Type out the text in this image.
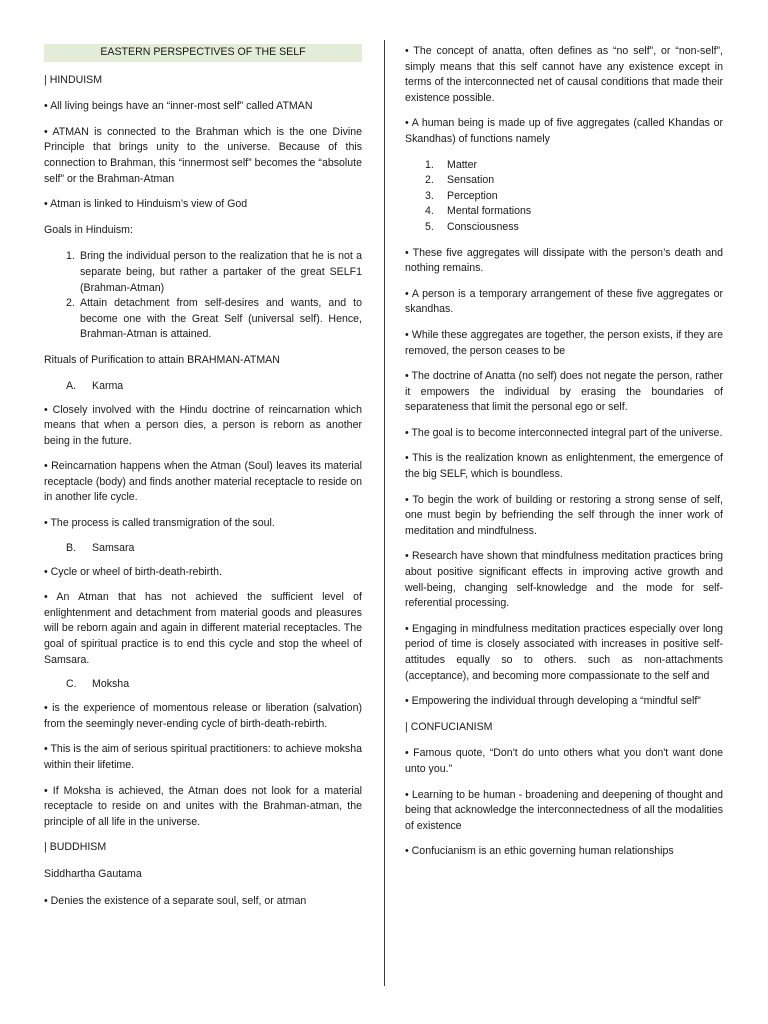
EASTERN PERSPECTIVES OF THE SELF
| HINDUISM

• All living beings have an “inner-most self” called ATMAN

• ATMAN is connected to the Brahman which is the one Divine Principle that brings unity to the universe. Because of this connection to Brahman, this “innermost self” becomes the “absolute self” or the Brahman-Atman

• Atman is linked to Hinduism’s view of God

Goals in Hinduism:
1. Bring the individual person to the realization that he is not a separate being, but rather a partaker of the great SELF1 (Brahman-Atman)
2. Attain detachment from self-desires and wants, and to become one with the Great Self (universal self). Hence, Brahman-Atman is attained.
Rituals of Purification to attain BRAHMAN-ATMAN
A.	Karma

• Closely involved with the Hindu doctrine of reincarnation which means that when a person dies, a person is reborn as another being in the future.

• Reincarnation happens when the Atman (Soul) leaves its material receptacle (body) and finds another material receptacle to reside on in another life cycle.

• The process is called transmigration of the soul.

B.	Samsara

• Cycle or wheel of birth-death-rebirth.

• An Atman that has not achieved the sufficient level of enlightenment and detachment from material goods and pleasures will be reborn again and again in different material receptacles. The goal of spiritual practice is to end this cycle and stop the wheel of Samsara.

C.	Moksha

• is the experience of momentous release or liberation (salvation) from the seemingly never-ending cycle of birth-death-rebirth.

• This is the aim of serious spiritual practitioners: to achieve moksha within their lifetime.

• If Moksha is achieved, the Atman does not look for a material receptacle to reside on and unites with the Brahman-atman, the principle of all life in the universe.

| BUDDHISM
Siddhartha Gautama

• Denies the existence of a separate soul, self, or atman

• The concept of anatta, often defines as “no self”, or “non-self”, simply means that this self cannot have any existence except in terms of the interconnected net of causal conditions that made their existence possible.

• A human being is made up of five aggregates (called Khandas or Skandhas) of functions namely

1.	Matter
2.	Sensation
3.	Perception
4.	Mental formations
5.	Consciousness

• These five aggregates will dissipate with the person’s death and nothing remains.

• A person is a temporary arrangement of these five aggregates or skandhas.

• While these aggregates are together, the person exists, if they are removed, the person ceases to be

• The doctrine of Anatta (no self) does not negate the person, rather it empowers the individual by erasing the boundaries of separateness that limit the personal ego or self.

• The goal is to become interconnected integral part of the universe.

• This is the realization known as enlightenment, the emergence of the big SELF, which is boundless.

• To begin the work of building or restoring a strong sense of self, one must begin by befriending the self through the inner work of meditation and mindfulness.

• Research have shown that mindfulness meditation practices bring about positive significant effects in improving active growth and well-being, changing self-knowledge and the mode for self-referential processing.

• Engaging in mindfulness meditation practices especially over long period of time is closely associated with increases in positive self-attitudes equally so to others. such as non-attachments (acceptance), and becoming more compassionate to the self and

• Empowering the individual through developing a “mindful self”

| CONFUCIANISM

• Famous quote, “Don't do unto others what you don't want done unto you.”

• Learning to be human - broadening and deepening of thought and being that acknowledge the interconnectedness of all the modalities of existence

• Confucianism is an ethic governing human relationships
